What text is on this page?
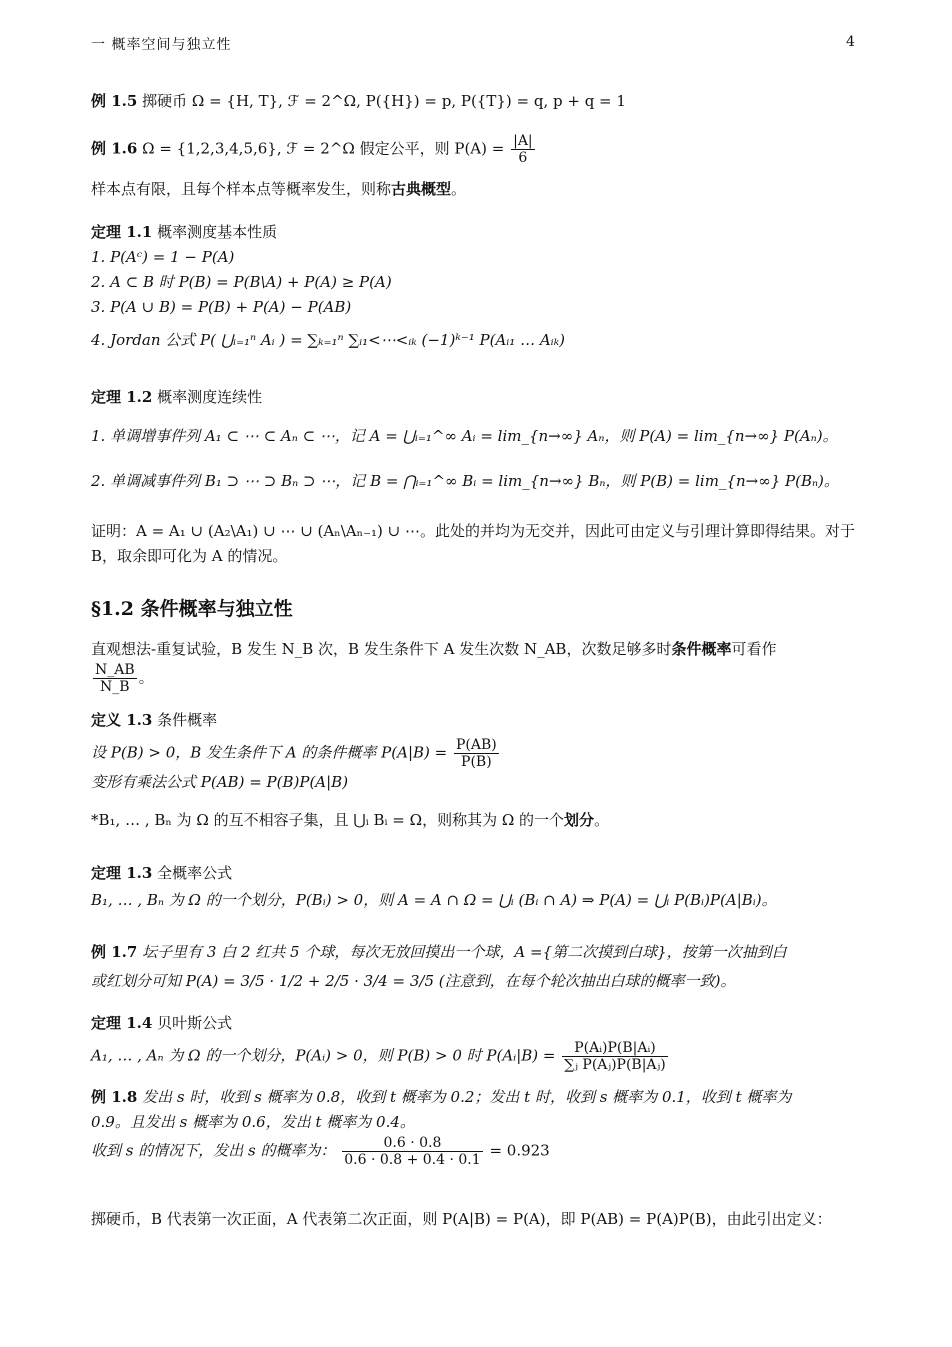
一 概率空间与独立性	4
例 1.5 掷硬币 Ω = {H, T}, ℱ = 2^Ω, P({H}) = p, P({T}) = q, p + q = 1
例 1.6 Ω = {1,2,3,4,5,6}, ℱ = 2^Ω 假定公平，则 $P(A) = \frac{|A|}{6}$
样本点有限，且每个样本点等概率发生，则称古典概型。
定理 1.1 概率测度基本性质
1. P(Aᶜ) = 1 − P(A)
2. A ⊂ B 时 P(B) = P(B\A) + P(A) ≥ P(A)
3. P(A ∪ B) = P(B) + P(A) − P(AB)
4. Jordan 公式 P( ⋃ᵢ₌₁ⁿ Aᵢ ) = ∑ₖ₌₁ⁿ ∑ᵢ₁<⋯<ᵢₖ (−1)ᵏ⁻¹ P(Aᵢ₁ … Aᵢₖ)
定理 1.2 概率测度连续性
1. 单调增事件列 A₁ ⊂ ⋯ ⊂ Aₙ ⊂ ⋯，记 A = ⋃ᵢ₌₁^∞ Aᵢ = lim_{n→∞} Aₙ，则 P(A) = lim_{n→∞} P(Aₙ)。
2. 单调减事件列 B₁ ⊃ ⋯ ⊃ Bₙ ⊃ ⋯，记 B = ⋂ᵢ₌₁^∞ Bᵢ = lim_{n→∞} Bₙ，则 P(B) = lim_{n→∞} P(Bₙ)。
证明：A = A₁ ∪ (A₂\A₁) ∪ ⋯ ∪ (Aₙ\Aₙ₋₁) ∪ ⋯。此处的并均为无交并，因此可由定义与引理计算即得结果。对于 B，取余即可化为 A 的情况。
§1.2 条件概率与独立性
直观想法-重复试验，B 发生 N_B 次，B 发生条件下 A 发生次数 N_AB，次数足够多时条件概率可看作
$\frac{N\_AB}{N\_B}$ 。
定义 1.3 条件概率
设 P(B) > 0，B 发生条件下 A 的条件概率 $P(A|B) = \frac{P(AB)}{P(B)}$
变形有乘法公式 P(AB) = P(B)P(A|B)
*B₁, … , Bₙ 为 Ω 的互不相容子集，且 ⋃ᵢ Bᵢ = Ω，则称其为 Ω 的一个划分。
定理 1.3 全概率公式
B₁, … , Bₙ 为 Ω 的一个划分，P(Bᵢ) > 0，则 A = A ∩ Ω = ⋃ᵢ (Bᵢ ∩ A) ⇒ P(A) = ⋃ᵢ P(Bᵢ)P(A|Bᵢ)。
例 1.7 坛子里有 3 白 2 红共 5 个球，每次无放回摸出一个球，A ={第二次摸到白球}，按第一次抽到白
或红划分可知 P(A) = 3/5 · 1/2 + 2/5 · 3/4 = 3/5 (注意到，在每个轮次抽出白球的概率一致)。
定理 1.4 贝叶斯公式
A₁, … , Aₙ 为 Ω 的一个划分，P(Aᵢ) > 0，则 P(B) > 0 时 P(Aᵢ|B) = $\frac{\text{P(Aᵢ)P(B|Aᵢ)}}{\text{∑ⱼ P(Aⱼ)P(B|Aⱼ)}}$
例 1.8 发出 s 时，收到 s 概率为 0.8，收到 t 概率为 0.2；发出 t 时，收到 s 概率为 0.1，收到 t 概率为
0.9。且发出 s 概率为 0.6，发出 t 概率为 0.4。
收到 s 的情况下，发出 s 的概率为： $\frac{0.6 \cdot 0.8}{0.6 \cdot 0.8 + 0.4 \cdot 0.1} = 0.923$
掷硬币，B 代表第一次正面，A 代表第二次正面，则 P(A|B) = P(A)，即 P(AB) = P(A)P(B)，由此引出定义：
